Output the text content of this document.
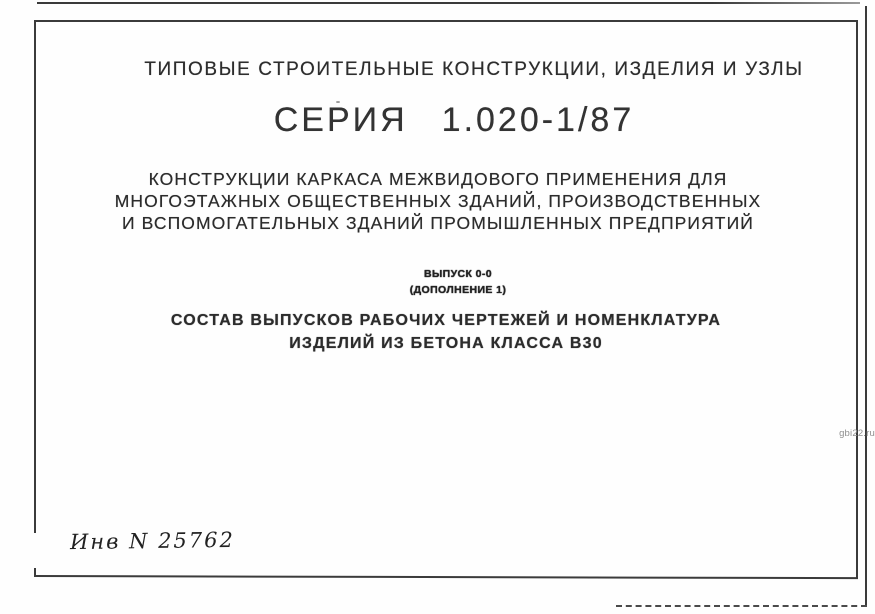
ТИПОВЫЕ СТРОИТЕЛЬНЫЕ КОНСТРУКЦИИ, ИЗДЕЛИЯ И УЗЛЫ
СЕРИЯ 1.020-1/87
КОНСТРУКЦИИ КАРКАСА МЕЖВИДОВОГО ПРИМЕНЕНИЯ ДЛЯ
МНОГОЭТАЖНЫХ ОБЩЕСТВЕННЫХ ЗДАНИЙ, ПРОИЗВОДСТВЕННЫХ
И ВСПОМОГАТЕЛЬНЫХ ЗДАНИЙ ПРОМЫШЛЕННЫХ ПРЕДПРИЯТИЙ
ВЫПУСК 0-0
(ДОПОЛНЕНИЕ 1)
СОСТАВ ВЫПУСКОВ РАБОЧИХ ЧЕРТЕЖЕЙ И НОМЕНКЛАТУРА
ИЗДЕЛИЙ ИЗ БЕТОНА КЛАССА В30
Инв N 25762
gbi22.ru
